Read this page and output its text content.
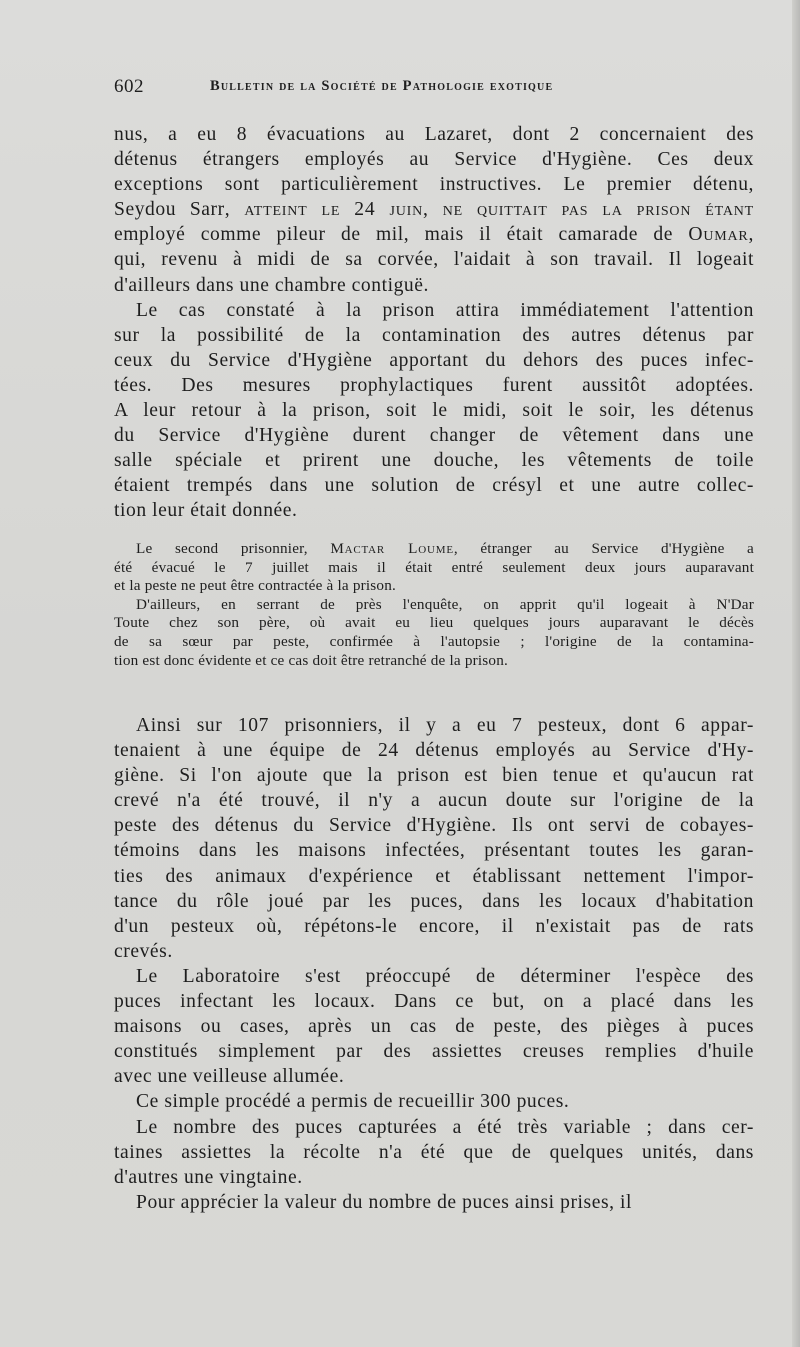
602	Bulletin de la Société de Pathologie exotique
nus, a eu 8 évacuations au Lazaret, dont 2 concernaient des
détenus étrangers employés au Service d'Hygiène. Ces deux
exceptions sont particulièrement instructives. Le premier détenu,
Seydou Sarr, atteint le 24 juin, ne quittait pas la prison étant
employé comme pileur de mil, mais il était camarade de Oumar,
qui, revenu à midi de sa corvée, l'aidait à son travail. Il logeait
d'ailleurs dans une chambre contiguë.
Le cas constaté à la prison attira immédiatement l'attention
sur la possibilité de la contamination des autres détenus par
ceux du Service d'Hygiène apportant du dehors des puces infec-
tées. Des mesures prophylactiques furent aussitôt adoptées.
A leur retour à la prison, soit le midi, soit le soir, les détenus
du Service d'Hygiène durent changer de vêtement dans une
salle spéciale et prirent une douche, les vêtements de toile
étaient trempés dans une solution de crésyl et une autre collec-
tion leur était donnée.
Le second prisonnier, Mactar Loume, étranger au Service d'Hygiène a
été évacué le 7 juillet mais il était entré seulement deux jours auparavant
et la peste ne peut être contractée à la prison.
D'ailleurs, en serrant de près l'enquête, on apprit qu'il logeait à N'Dar
Toute chez son père, où avait eu lieu quelques jours auparavant le décès
de sa sœur par peste, confirmée à l'autopsie ; l'origine de la contamina-
tion est donc évidente et ce cas doit être retranché de la prison.
Ainsi sur 107 prisonniers, il y a eu 7 pesteux, dont 6 appar-
tenaient à une équipe de 24 détenus employés au Service d'Hy-
giène. Si l'on ajoute que la prison est bien tenue et qu'aucun rat
crevé n'a été trouvé, il n'y a aucun doute sur l'origine de la
peste des détenus du Service d'Hygiène. Ils ont servi de cobayes-
témoins dans les maisons infectées, présentant toutes les garan-
ties des animaux d'expérience et établissant nettement l'impor-
tance du rôle joué par les puces, dans les locaux d'habitation
d'un pesteux où, répétons-le encore, il n'existait pas de rats
crevés.
Le Laboratoire s'est préoccupé de déterminer l'espèce des
puces infectant les locaux. Dans ce but, on a placé dans les
maisons ou cases, après un cas de peste, des pièges à puces
constitués simplement par des assiettes creuses remplies d'huile
avec une veilleuse allumée.
Ce simple procédé a permis de recueillir 300 puces.
Le nombre des puces capturées a été très variable ; dans cer-
taines assiettes la récolte n'a été que de quelques unités, dans
d'autres une vingtaine.
Pour apprécier la valeur du nombre de puces ainsi prises, il
